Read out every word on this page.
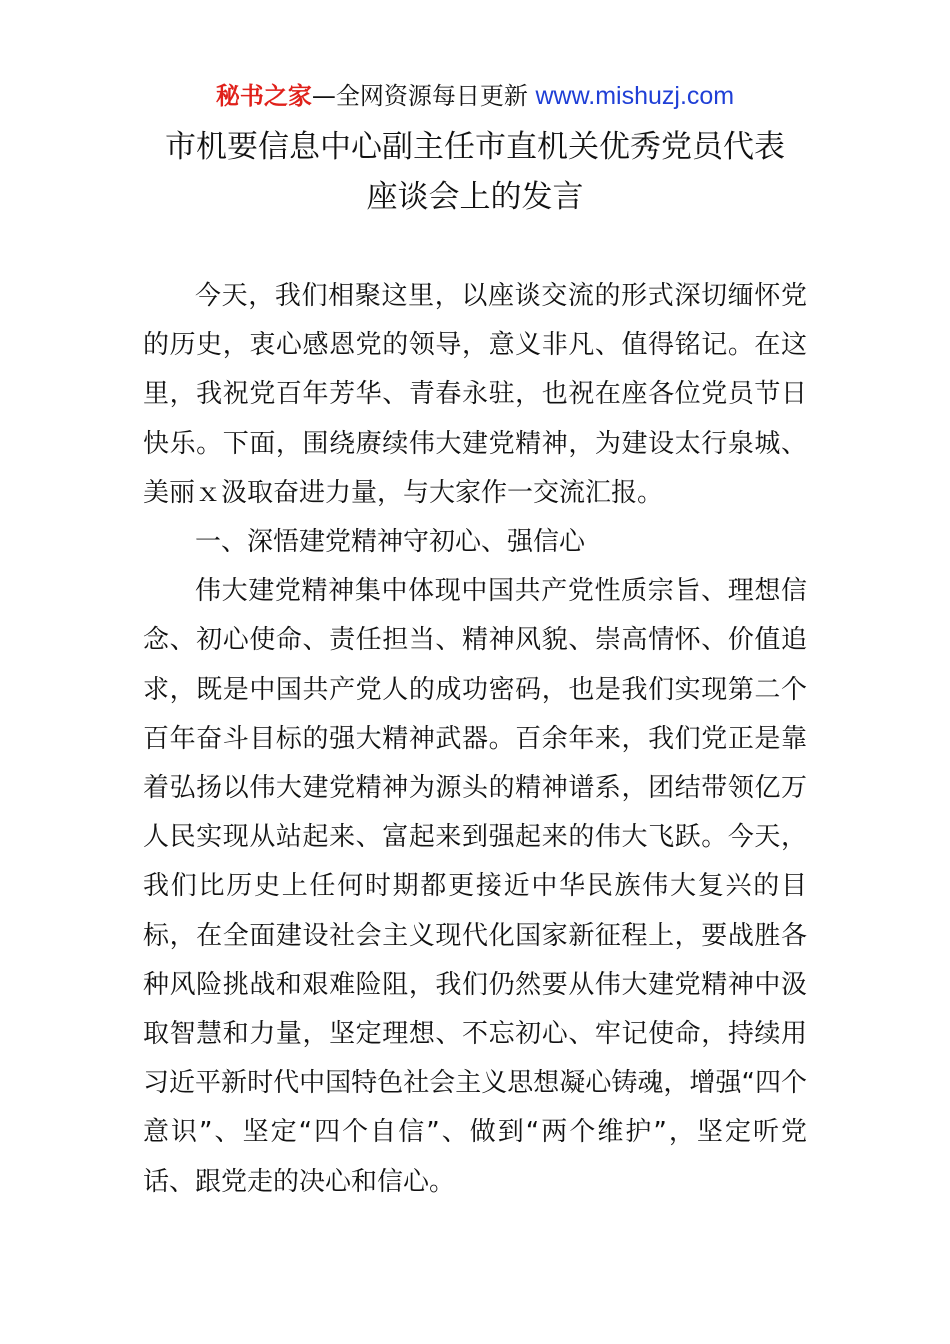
秘书之家—全网资源每日更新 www.mishuzj.com
市机要信息中心副主任市直机关优秀党员代表
座谈会上的发言

今天，我们相聚这里，以座谈交流的形式深切缅怀党的历史，衷心感恩党的领导，意义非凡、值得铭记。在这里，我祝党百年芳华、青春永驻，也祝在座各位党员节日快乐。下面，围绕赓续伟大建党精神，为建设太行泉城、美丽ｘ汲取奋进力量，与大家作一交流汇报。

一、深悟建党精神守初心、强信心

伟大建党精神集中体现中国共产党性质宗旨、理想信念、初心使命、责任担当、精神风貌、崇高情怀、价值追求，既是中国共产党人的成功密码，也是我们实现第二个百年奋斗目标的强大精神武器。百余年来，我们党正是靠着弘扬以伟大建党精神为源头的精神谱系，团结带领亿万人民实现从站起来、富起来到强起来的伟大飞跃。今天，我们比历史上任何时期都更接近中华民族伟大复兴的目标，在全面建设社会主义现代化国家新征程上，要战胜各种风险挑战和艰难险阻，我们仍然要从伟大建党精神中汲取智慧和力量，坚定理想、不忘初心、牢记使命，持续用习近平新时代中国特色社会主义思想凝心铸魂，增强“四个意识”、坚定“四个自信”、做到“两个维护”，坚定听党话、跟党走的决心和信心。
